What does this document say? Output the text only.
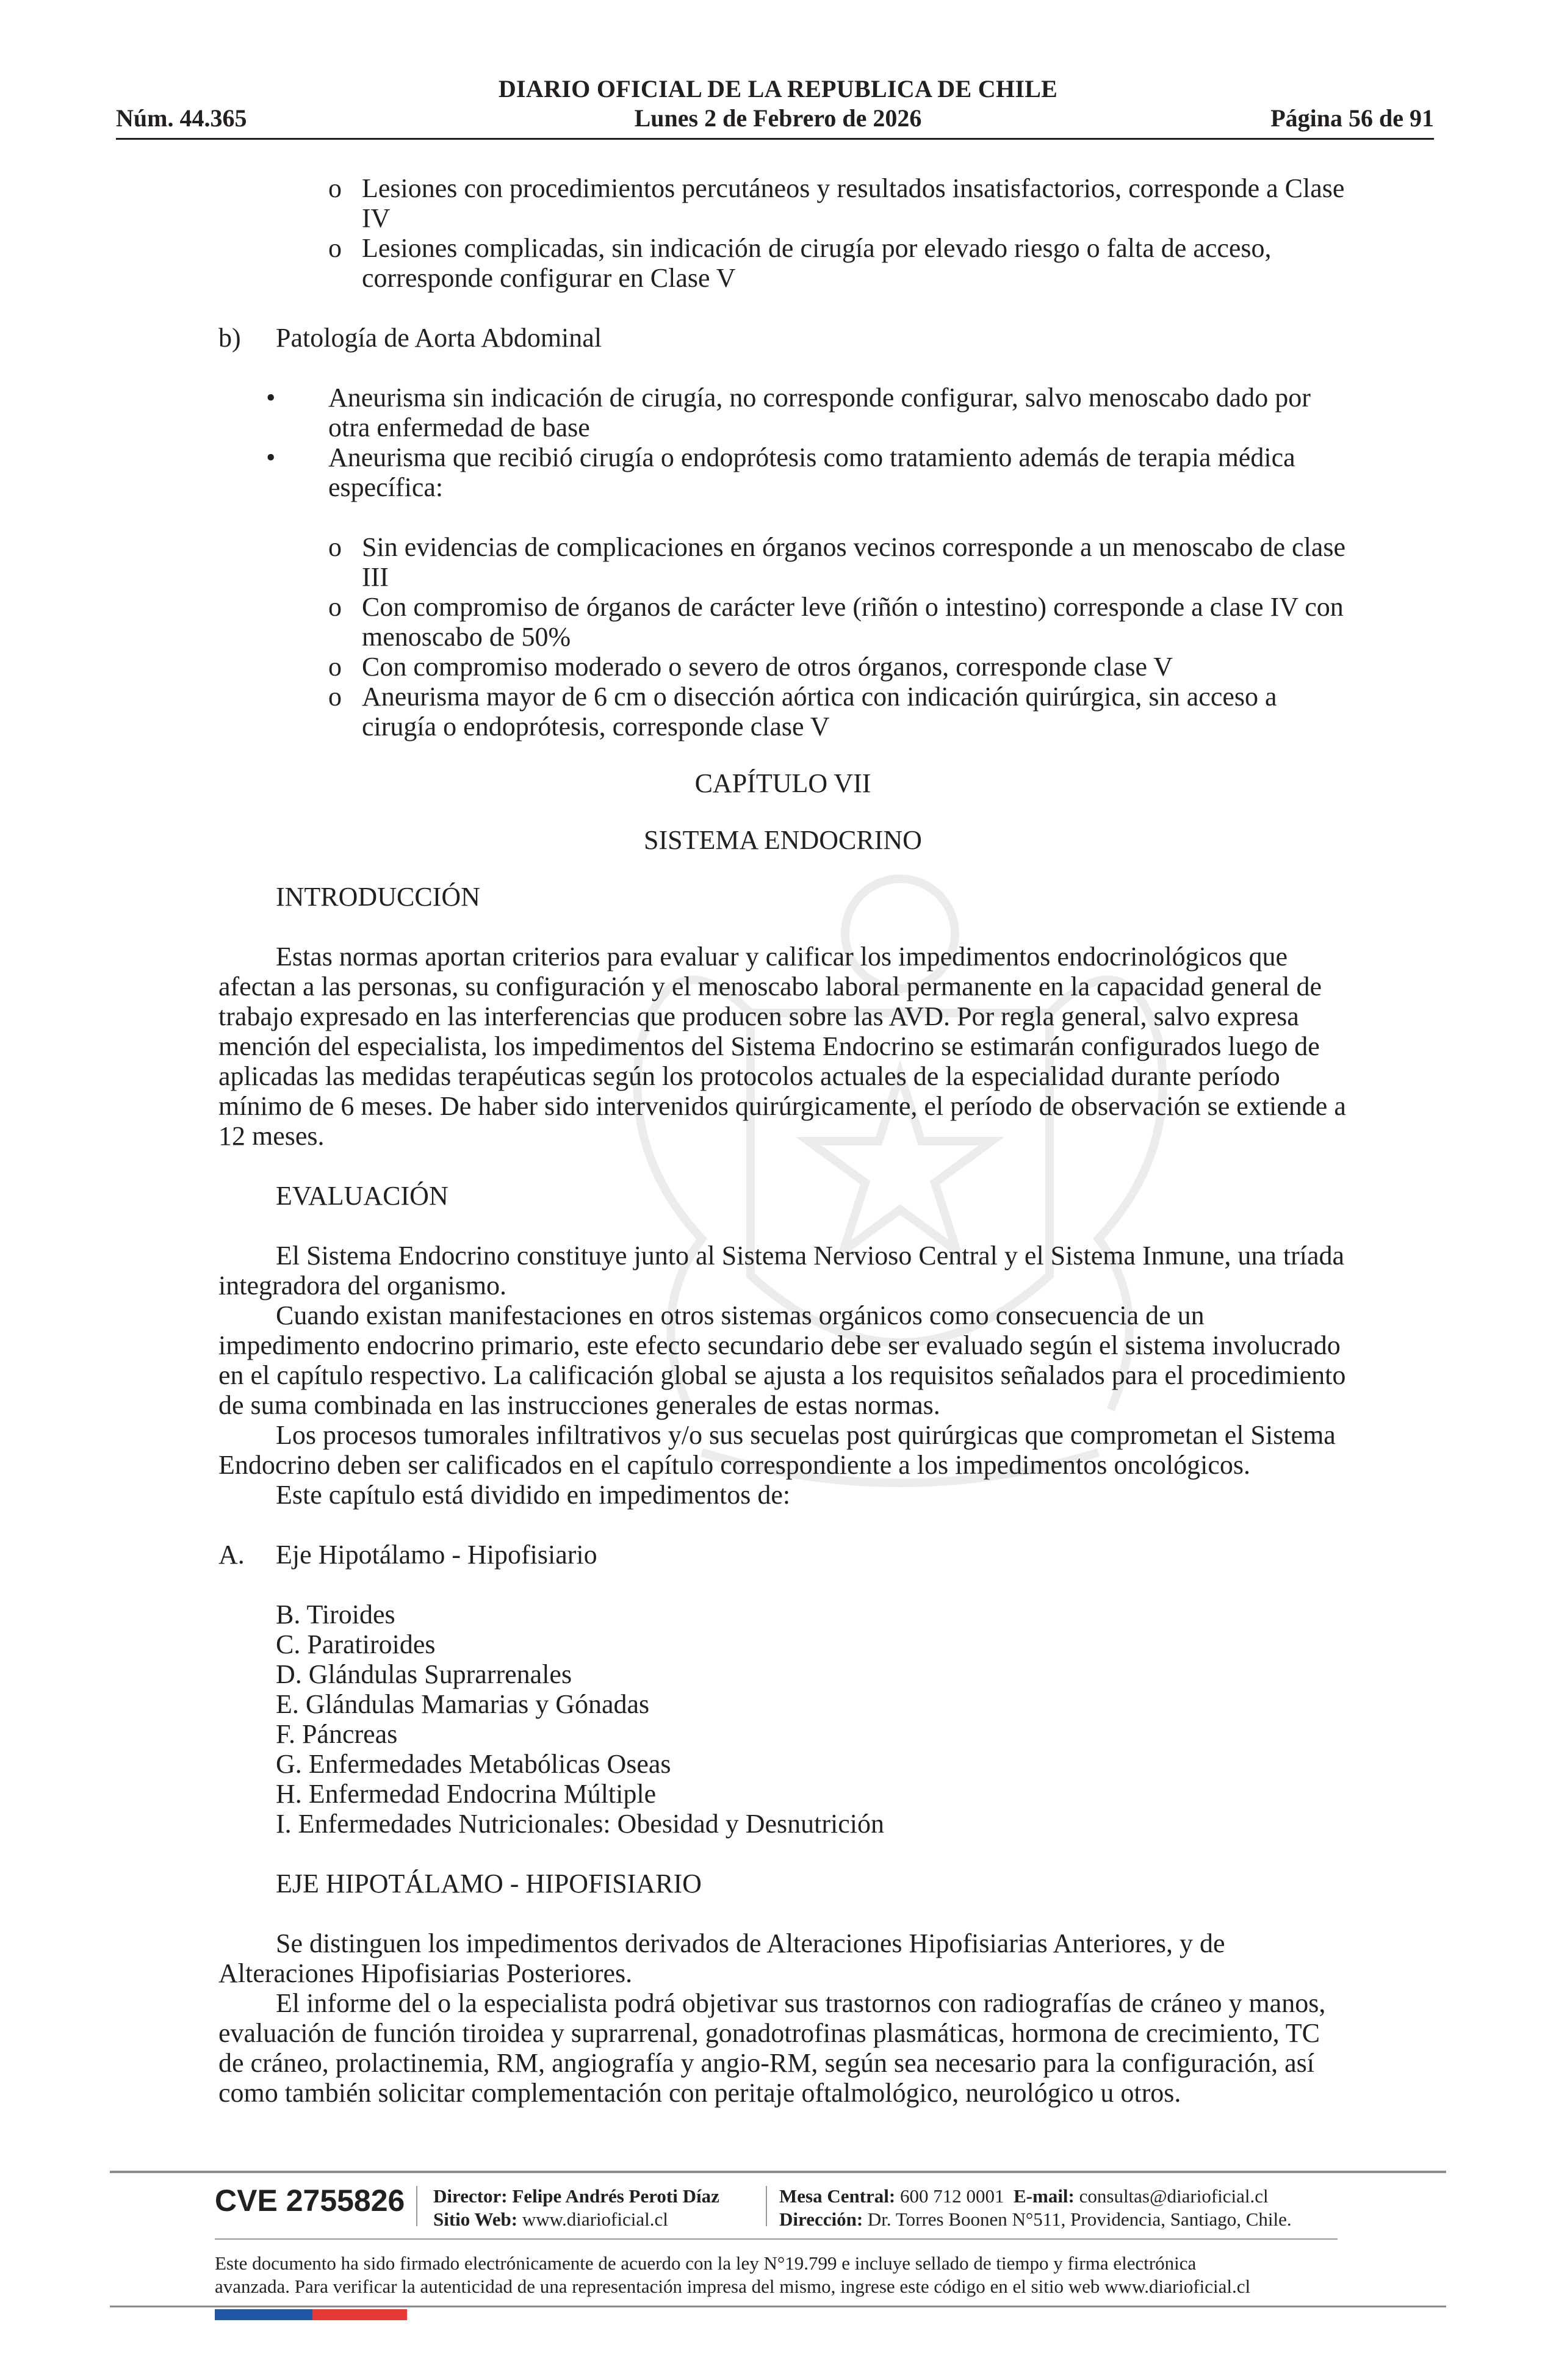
DIARIO OFICIAL DE LA REPUBLICA DE CHILE
Núm. 44.365	Lunes 2 de Febrero de 2026	Página 56 de 91
o Lesiones con procedimientos percutáneos y resultados insatisfactorios, corresponde a Clase IV
o Lesiones complicadas, sin indicación de cirugía por elevado riesgo o falta de acceso, corresponde configurar en Clase V
b) Patología de Aorta Abdominal
• Aneurisma sin indicación de cirugía, no corresponde configurar, salvo menoscabo dado por otra enfermedad de base
• Aneurisma que recibió cirugía o endoprótesis como tratamiento además de terapia médica específica:
o Sin evidencias de complicaciones en órganos vecinos corresponde a un menoscabo de clase III
o Con compromiso de órganos de carácter leve (riñón o intestino) corresponde a clase IV con menoscabo de 50%
o Con compromiso moderado o severo de otros órganos, corresponde clase V
o Aneurisma mayor de 6 cm o disección aórtica con indicación quirúrgica, sin acceso a cirugía o endoprótesis, corresponde clase V

CAPÍTULO VII

SISTEMA ENDOCRINO

INTRODUCCIÓN

Estas normas aportan criterios para evaluar y calificar los impedimentos endocrinológicos que afectan a las personas, su configuración y el menoscabo laboral permanente en la capacidad general de trabajo expresado en las interferencias que producen sobre las AVD. Por regla general, salvo expresa mención del especialista, los impedimentos del Sistema Endocrino se estimarán configurados luego de aplicadas las medidas terapéuticas según los protocolos actuales de la especialidad durante período mínimo de 6 meses. De haber sido intervenidos quirúrgicamente, el período de observación se extiende a 12 meses.

EVALUACIÓN

El Sistema Endocrino constituye junto al Sistema Nervioso Central y el Sistema Inmune, una tríada integradora del organismo.

Cuando existan manifestaciones en otros sistemas orgánicos como consecuencia de un impedimento endocrino primario, este efecto secundario debe ser evaluado según el sistema involucrado en el capítulo respectivo. La calificación global se ajusta a los requisitos señalados para el procedimiento de suma combinada en las instrucciones generales de estas normas.

Los procesos tumorales infiltrativos y/o sus secuelas post quirúrgicas que comprometan el Sistema Endocrino deben ser calificados en el capítulo correspondiente a los impedimentos oncológicos.

Este capítulo está dividido en impedimentos de:

A. Eje Hipotálamo - Hipofisiario

B. Tiroides

C. Paratiroides

D. Glándulas Suprarrenales

E. Glándulas Mamarias y Gónadas

F. Páncreas

G. Enfermedades Metabólicas Oseas

H. Enfermedad Endocrina Múltiple

I. Enfermedades Nutricionales: Obesidad y Desnutrición

EJE HIPOTÁLAMO - HIPOFISIARIO

Se distinguen los impedimentos derivados de Alteraciones Hipofisiarias Anteriores, y de Alteraciones Hipofisiarias Posteriores.

El informe del o la especialista podrá objetivar sus trastornos con radiografías de cráneo y manos, evaluación de función tiroidea y suprarrenal, gonadotrofinas plasmáticas, hormona de crecimiento, TC de cráneo, prolactinemia, RM, angiografía y angio-RM, según sea necesario para la configuración, así como también solicitar complementación con peritaje oftalmológico, neurológico u otros.

CVE 2755826 Director: Felipe Andrés Peroti Díaz
Sitio Web: www.diarioficial.cl
Mesa Central: 600 712 0001 E-mail: consultas@diarioficial.cl
Dirección: Dr. Torres Boonen N°511, Providencia, Santiago, Chile.
Este documento ha sido firmado electrónicamente de acuerdo con la ley N°19.799 e incluye sellado de tiempo y firma electrónica
avanzada. Para verificar la autenticidad de una representación impresa del mismo, ingrese este código en el sitio web www.diarioficial.cl
